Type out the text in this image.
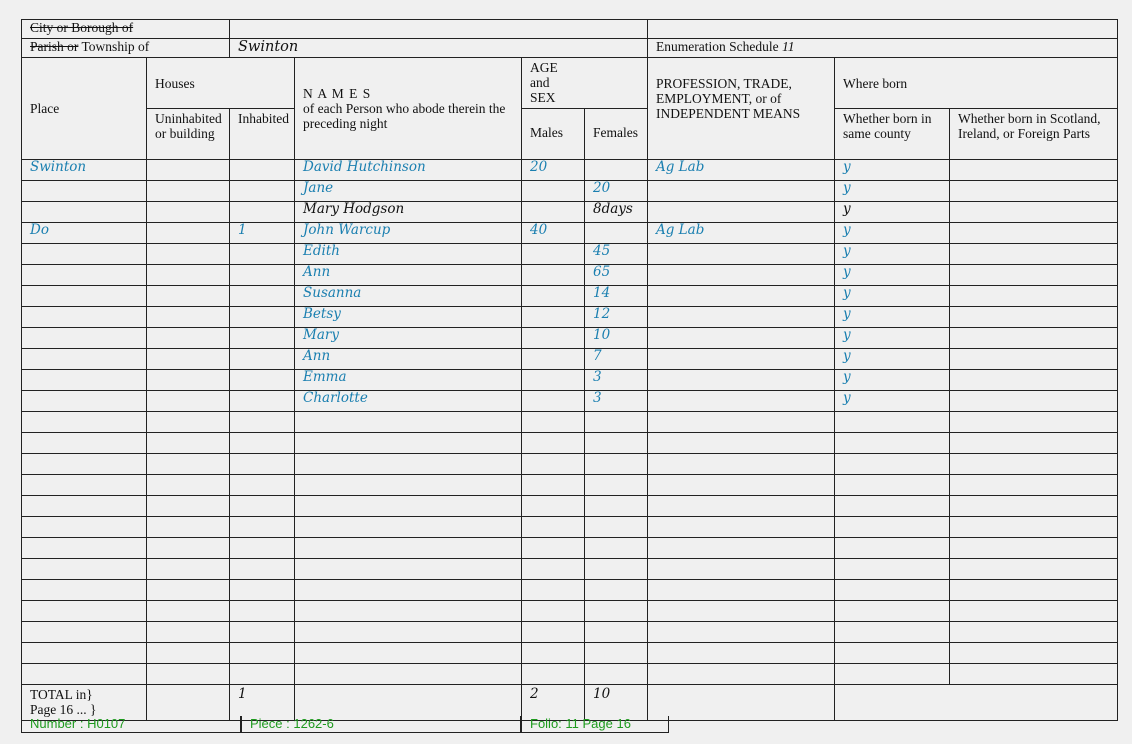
City or Borough of								
Parish or Township of		Swinton				Enumeration Schedule 11		
Place	Houses		N A M E S
of each Person who abode therein the preceding night	AGE and SEX		PROFESSION, TRADE, EMPLOYMENT, or of INDEPENDENT MEANS	Where born	
	Uninhabited or building	Inhabited		Males	Females		Whether born in same county	Whether born in Scotland, Ireland, or Foreign Parts
Swinton			David Hutchinson	20		Ag Lab	y	
			Jane		20		y	
			Mary Hodgson		8days		y	
Do		1	John Warcup	40		Ag Lab	y	
			Edith		45		y	
			Ann		65		y	
			Susanna		14		y	
			Betsy		12		y	
			Mary		10		y	
			Ann		7		y	
			Emma		3		y	
			Charlotte		3		y	

TOTAL in}
Page 16 ... }		1		2	10			
Number : H0107	Piece : 1262-6	Folio: 11 Page 16
